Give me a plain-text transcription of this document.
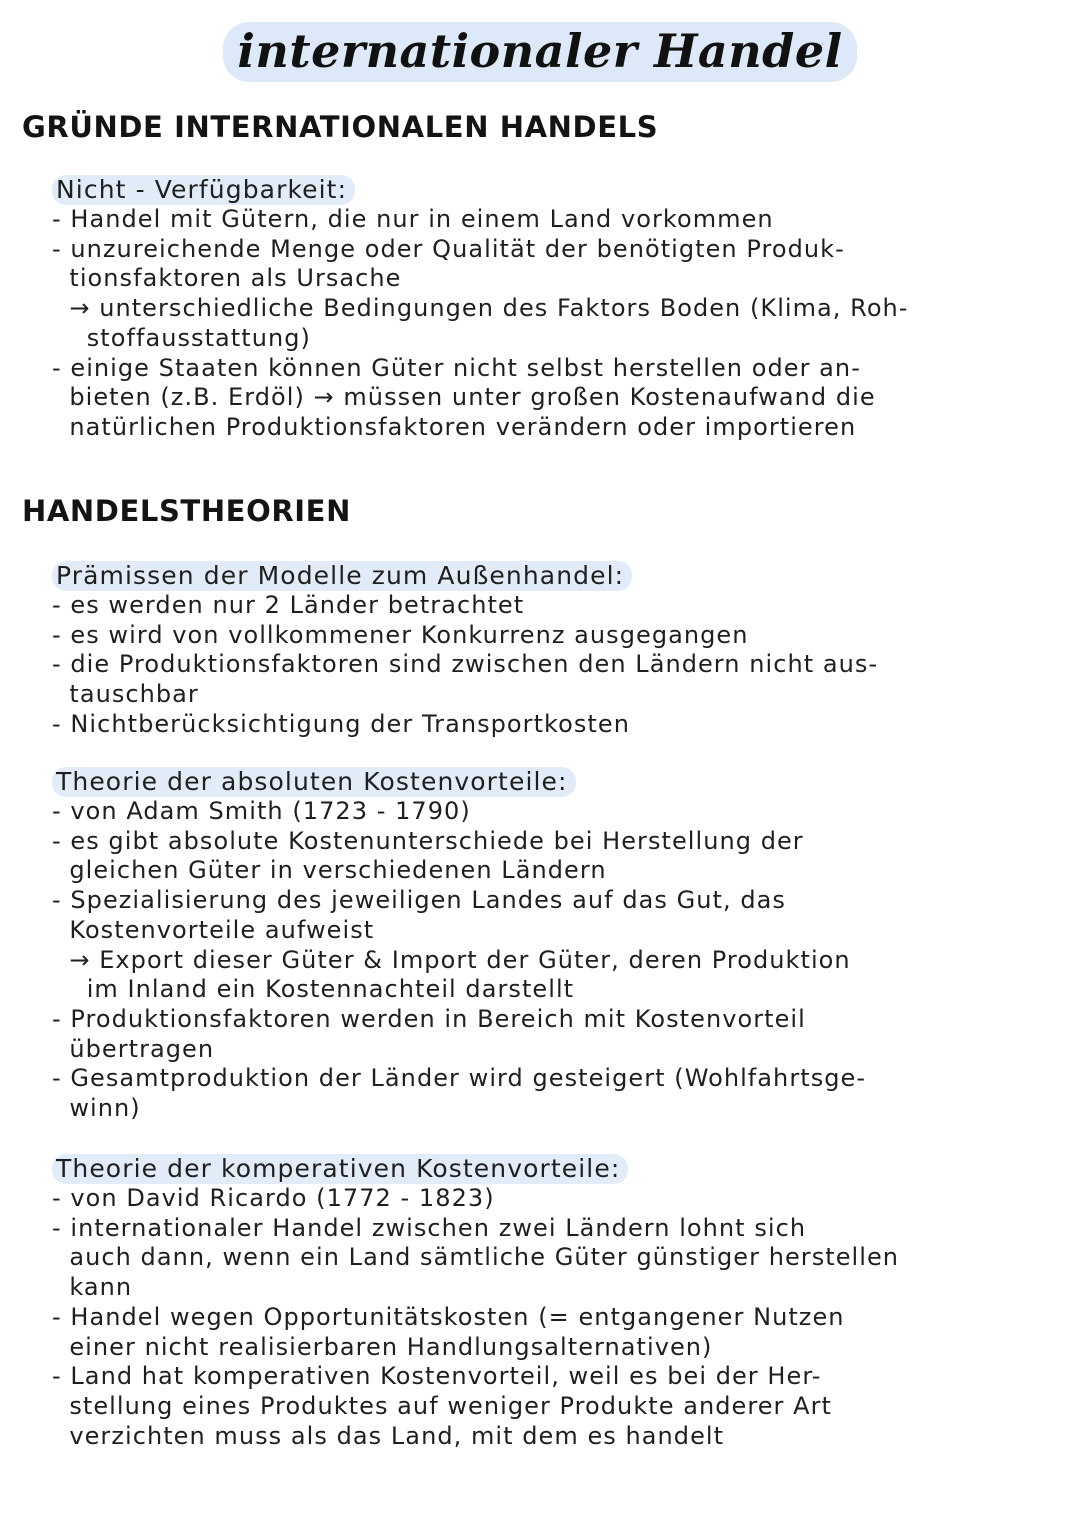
internationaler Handel
GRÜNDE INTERNATIONALEN HANDELS
Nicht - Verfügbarkeit:
- Handel mit Gütern, die nur in einem Land vorkommen
- unzureichende Menge oder Qualität der benötigten Produk-
tionsfaktoren als Ursache
→ unterschiedliche Bedingungen des Faktors Boden (Klima, Roh-
stoffausstattung)
- einige Staaten können Güter nicht selbst herstellen oder an-
bieten (z.B. Erdöl) → müssen unter großen Kostenaufwand die
natürlichen Produktionsfaktoren verändern oder importieren
HANDELSTHEORIEN
Prämissen der Modelle zum Außenhandel:
- es werden nur 2 Länder betrachtet
- es wird von vollkommener Konkurrenz ausgegangen
- die Produktionsfaktoren sind zwischen den Ländern nicht aus-
tauschbar
- Nichtberücksichtigung der Transportkosten
Theorie der absoluten Kostenvorteile:
- von Adam Smith (1723 - 1790)
- es gibt absolute Kostenunterschiede bei Herstellung der
gleichen Güter in verschiedenen Ländern
- Spezialisierung des jeweiligen Landes auf das Gut, das
Kostenvorteile aufweist
→ Export dieser Güter & Import der Güter, deren Produktion
im Inland ein Kostennachteil darstellt
- Produktionsfaktoren werden in Bereich mit Kostenvorteil
übertragen
- Gesamtproduktion der Länder wird gesteigert (Wohlfahrtsge-
winn)
Theorie der komperativen Kostenvorteile:
- von David Ricardo (1772 - 1823)
- internationaler Handel zwischen zwei Ländern lohnt sich
auch dann, wenn ein Land sämtliche Güter günstiger herstellen
kann
- Handel wegen Opportunitätskosten (= entgangener Nutzen
einer nicht realisierbaren Handlungsalternativen)
- Land hat komperativen Kostenvorteil, weil es bei der Her-
stellung eines Produktes auf weniger Produkte anderer Art
verzichten muss als das Land, mit dem es handelt
